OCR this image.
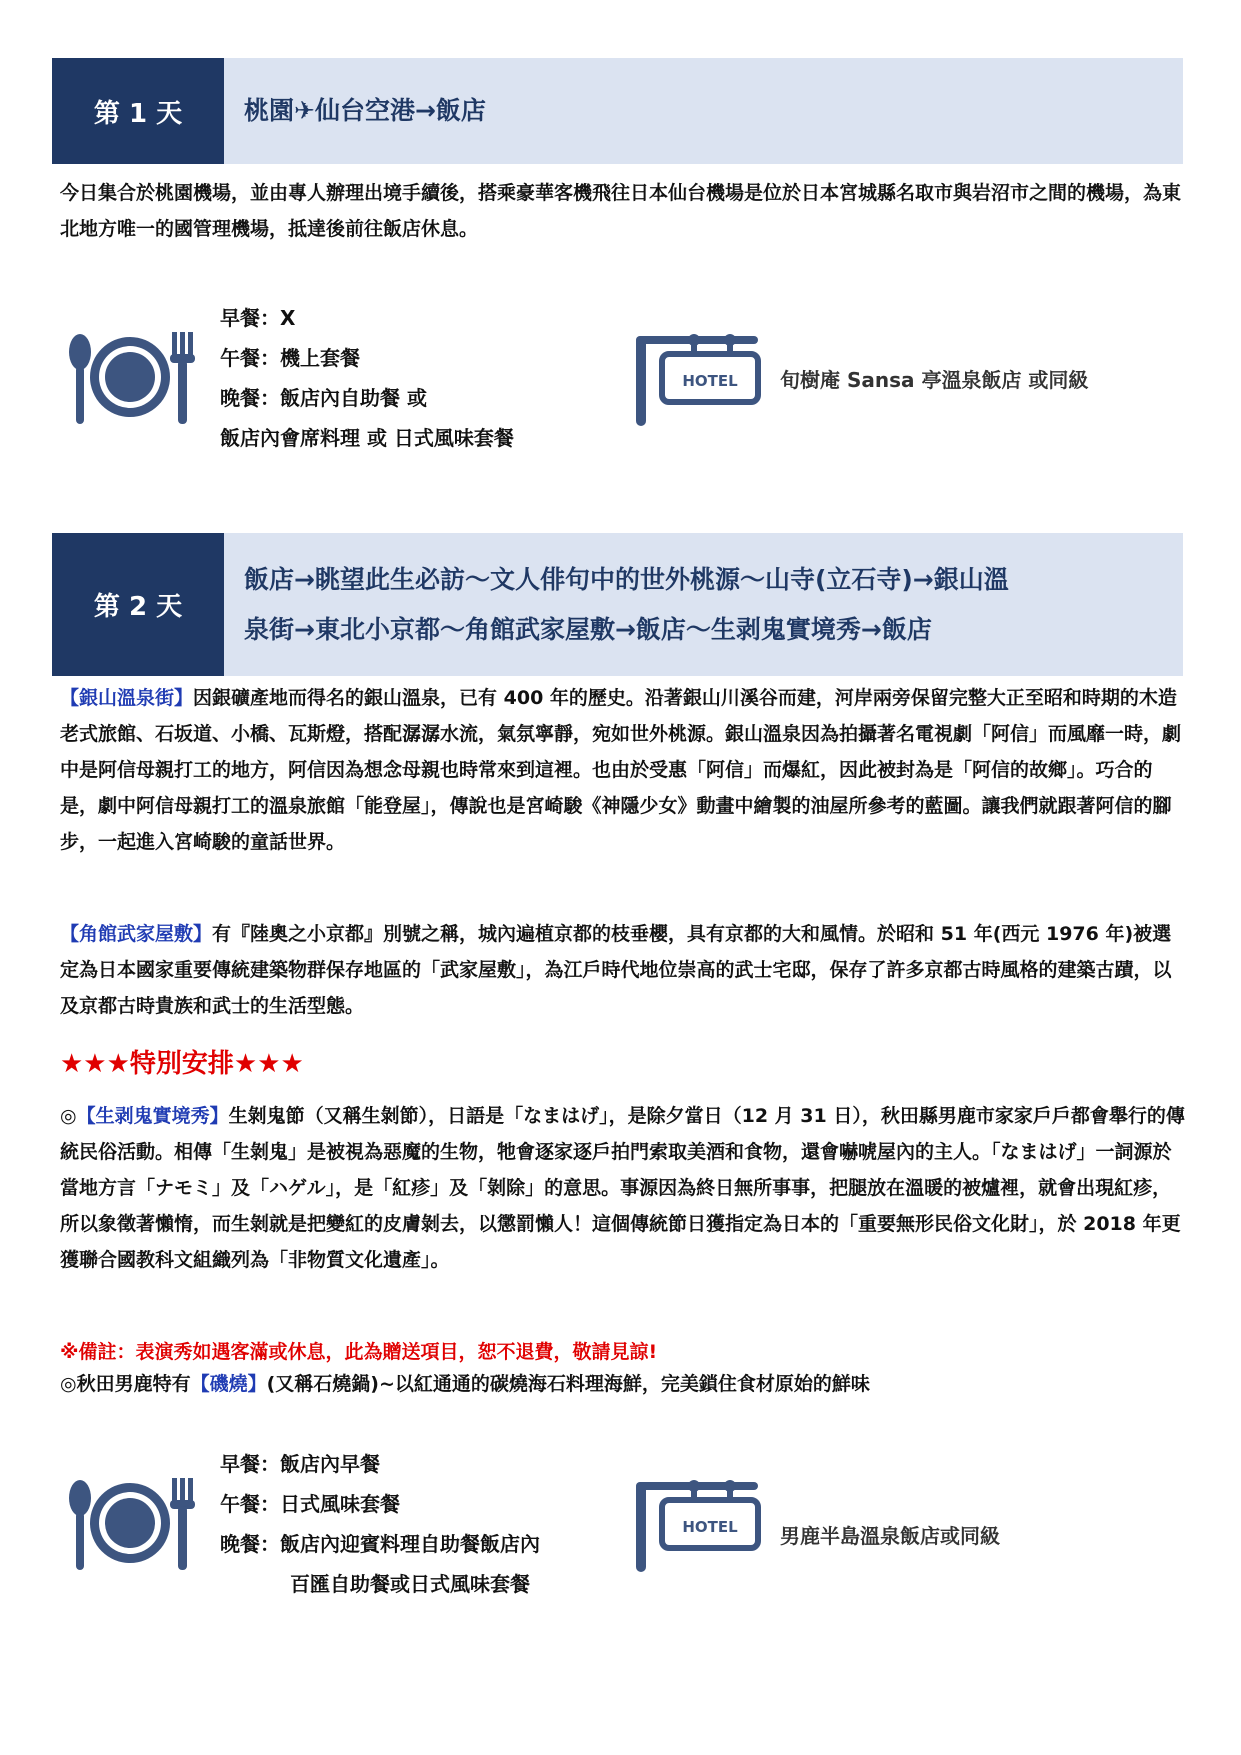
第 1 天	桃園✈仙台空港→飯店

今日集合於桃園機場，並由專人辦理出境手續後，搭乘豪華客機飛往日本仙台機場是位於日本宮城縣名取市與岩沼市之間的機場，為東北地方唯一的國管理機場，抵達後前往飯店休息。

早餐： X
午餐： 機上套餐
晚餐： 飯店內自助餐 或
飯店內會席料理 或 日式風味套餐
HOTEL 旬樹庵 Sansa 亭溫泉飯店 或同級
第 2 天
飯店→眺望此生必訪～文人俳句中的世外桃源～山寺(立石寺)→銀山溫
泉街→東北小京都～角館武家屋敷→飯店～生剥鬼實境秀→飯店

【銀山溫泉街】因銀礦產地而得名的銀山溫泉，已有 400 年的歷史。沿著銀山川溪谷而建，河岸兩旁保留完整大正至昭和時期的木造老式旅館、石坂道、小橋、瓦斯燈，搭配潺潺水流，氣氛寧靜，宛如世外桃源。銀山溫泉因為拍攝著名電視劇「阿信」而風靡一時，劇中是阿信母親打工的地方，阿信因為想念母親也時常來到這裡。也由於受惠「阿信」而爆紅，因此被封為是「阿信的故鄉」。巧合的是，劇中阿信母親打工的溫泉旅館「能登屋」，傳說也是宮崎駿《神隱少女》動畫中繪製的油屋所參考的藍圖。讓我們就跟著阿信的腳步，一起進入宮崎駿的童話世界。

【角館武家屋敷】有『陸奧之小京都』別號之稱，城內遍植京都的枝垂櫻，具有京都的大和風情。於昭和 51 年(西元 1976 年)被選定為日本國家重要傳統建築物群保存地區的「武家屋敷」，為江戶時代地位崇高的武士宅邸，保存了許多京都古時風格的建築古蹟，以及京都古時貴族和武士的生活型態。

★★★特別安排★★★

◎【生剥鬼實境秀】生剝鬼節（又稱生剝節），日語是「なまはげ」，是除夕當日（12 月 31 日），秋田縣男鹿市家家戶戶都會舉行的傳統民俗活動。相傳「生剝鬼」是被視為惡魔的生物，牠會逐家逐戶拍門索取美酒和食物，還會嚇唬屋內的主人。「なまはげ」一詞源於當地方言「ナモミ」及「ハゲル」，是「紅疹」及「剝除」的意思。事源因為終日無所事事，把腿放在溫暖的被爐裡，就會出現紅疹，所以象徵著懶惰，而生剝就是把變紅的皮膚剝去，以懲罰懶人！這個傳統節日獲指定為日本的「重要無形民俗文化財」，於 2018 年更獲聯合國教科文組織列為「非物質文化遺產」。

※備註：表演秀如遇客滿或休息，此為贈送項目，恕不退費，敬請見諒!

◎秋田男鹿特有【磯燒】(又稱石燒鍋)~以紅通通的碳燒海石料理海鮮，完美鎖住食材原始的鮮味

早餐： 飯店內早餐
午餐： 日式風味套餐
晚餐： 飯店內迎賓料理自助餐飯店內
百匯自助餐或日式風味套餐
HOTEL 男鹿半島溫泉飯店或同級
